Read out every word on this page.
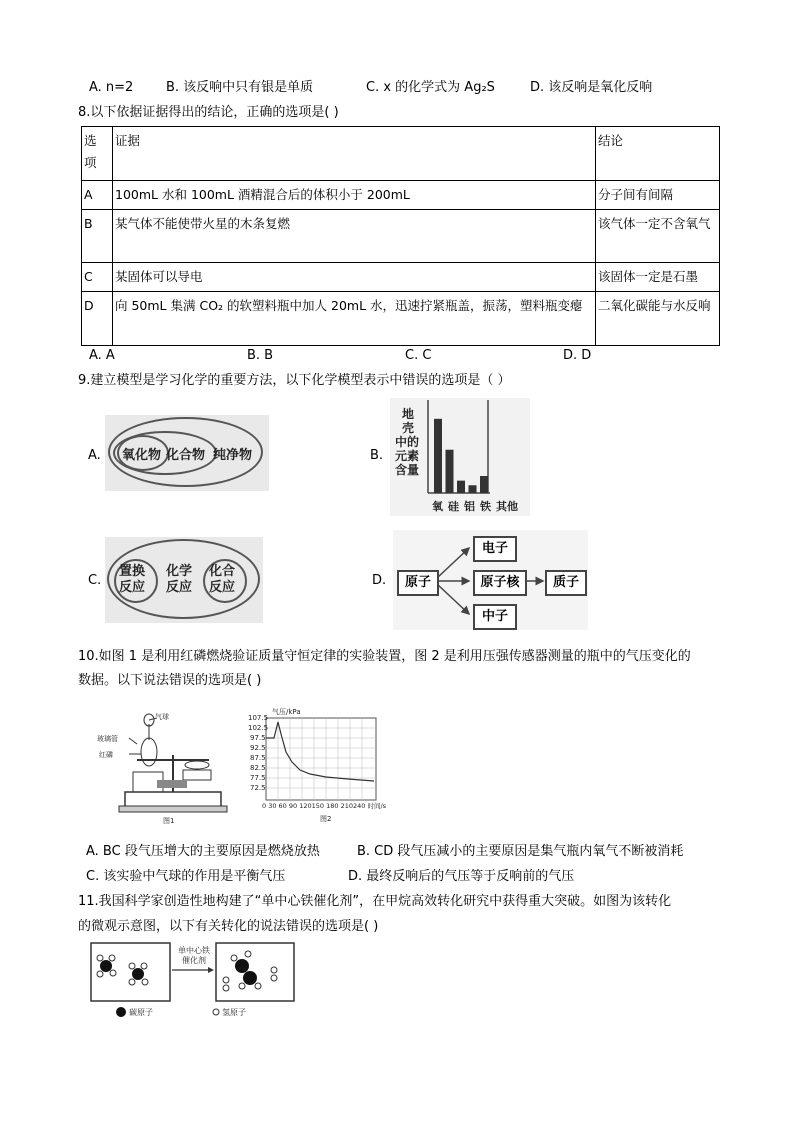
A. n=2	B. 该反响中只有银是单质	C. x 的化学式为 Ag₂S	D. 该反响是氧化反响
8.以下依据证据得出的结论，正确的选项是( )
选
项	证据	结论
A	100mL 水和 100mL 酒精混合后的体积小于 200mL	分子间有间隔
B	某气体不能使带火星的木条复燃	该气体一定不含氧气
C	某固体可以导电	该固体一定是石墨
D	向 50mL 集满 CO₂ 的软塑料瓶中加人 20mL 水，迅速拧紧瓶盖，振荡，塑料瓶变瘪	二氧化碳能与水反响
A. A	B. B	C. C	D. D
9.建立模型是学习化学的重要方法，以下化学模型表示中错误的选项是（ ）
A.	B.
C.	D.
氧化物 化合物 纯净物
地
壳
中的
元素
含量
氧 硅 铝 铁 其他
置换
反应
化学
反应
化合
反应	原子
电子
原子核	质子
中子
10.如图 1 是利用红磷燃烧验证质量守恒定律的实验装置，图 2 是利用压强传感器测量的瓶中的气压变化的
数据。以下说法错误的选项是( )
气球
玻璃管
红磷
图1
气压/kPa
107.5
102.5
97.5
92.5
87.5
82.5
77.5
72.5
0 30 60 90 120150 180 210240 时间/s
图2
A. BC 段气压增大的主要原因是燃烧放热	B. CD 段气压减小的主要原因是集气瓶内氧气不断被消耗
C. 该实验中气球的作用是平衡气压	D. 最终反响后的气压等于反响前的气压
11.我国科学家创造性地构建了“单中心铁催化剂”，在甲烷高效转化研究中获得重大突破。如图为该转化
的微观示意图，以下有关转化的说法错误的选项是( )
单中心铁
催化剂
碳原子	氢原子
